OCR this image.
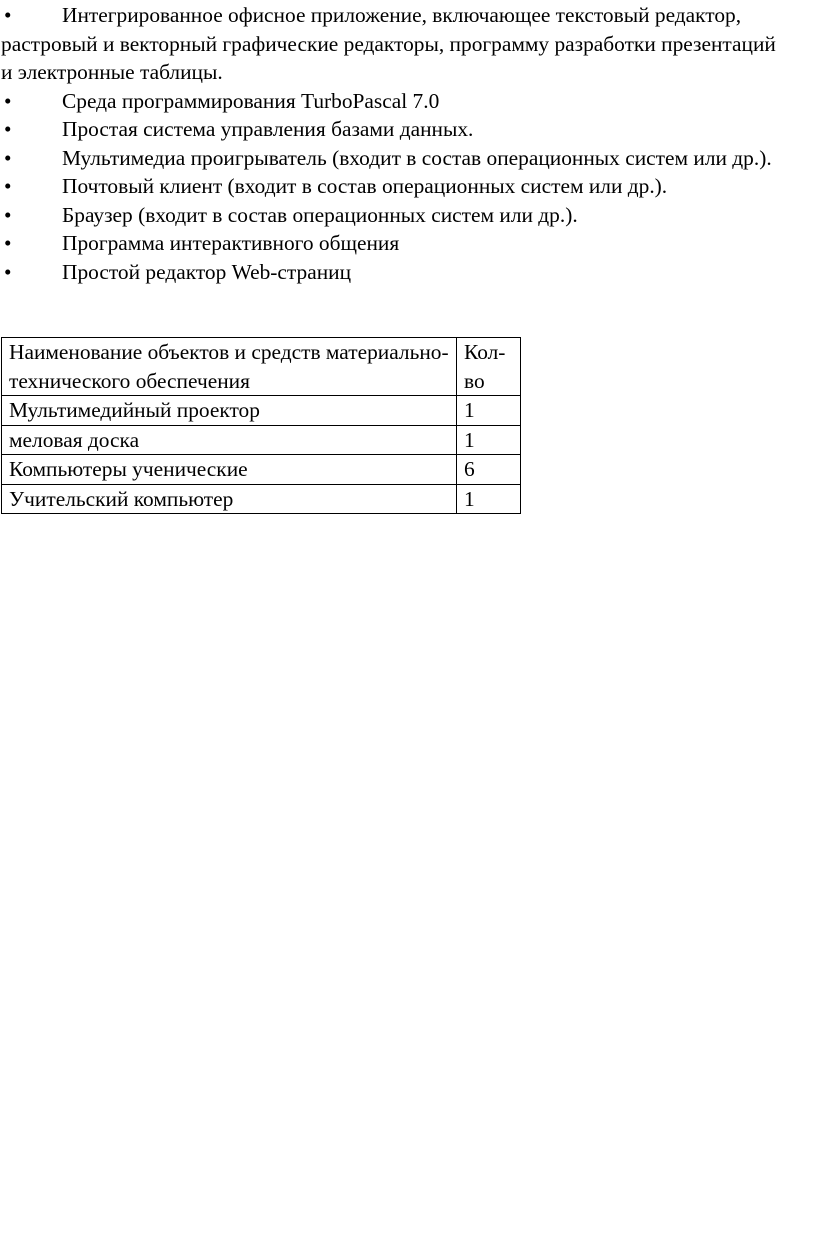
• Интегрированное офисное приложение, включающее текстовый редактор, растровый и векторный графические редакторы, программу разработки презентаций и электронные таблицы.
• Среда программирования TurboPascal 7.0
• Простая система управления базами данных.
• Мультимедиа проигрыватель (входит в состав операционных систем или др.).
• Почтовый клиент (входит в состав операционных систем или др.).
• Браузер (входит в состав операционных систем или др.).
• Программа интерактивного общения
• Простой редактор Web-страниц
Наименование объектов и средств материально-технического обеспечения	Кол-во
Мультимедийный проектор	1
меловая доска	1
Компьютеры ученические	6
Учительский компьютер	1
